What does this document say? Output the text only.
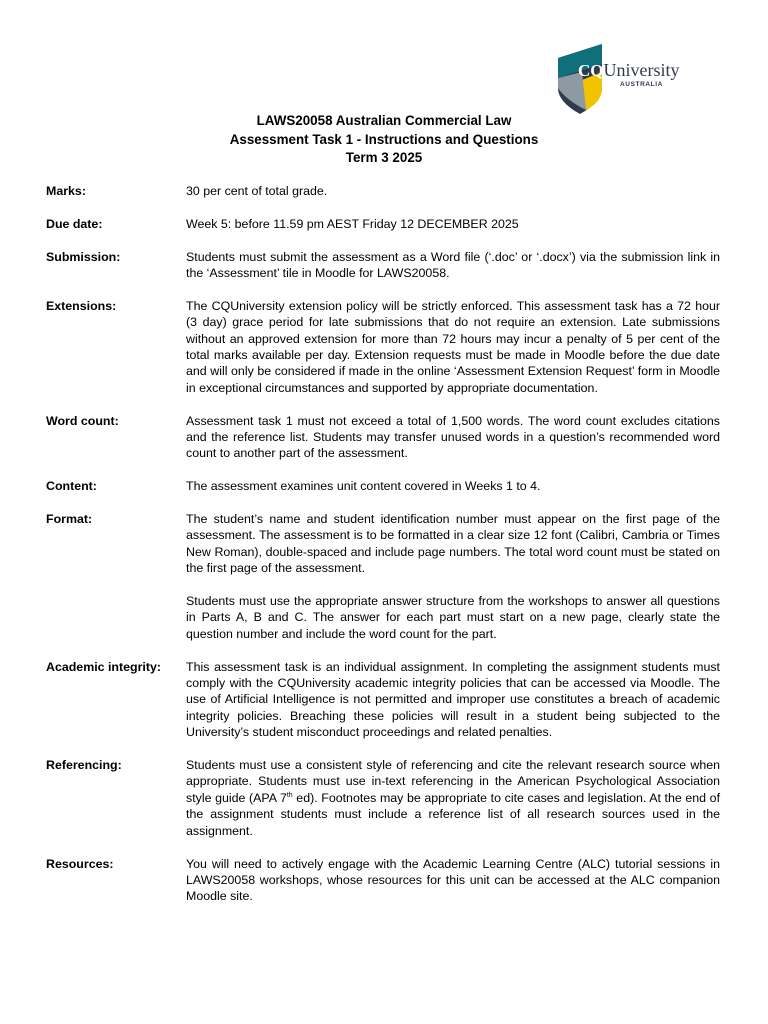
CQUniversity
AUSTRALIA
LAWS20058 Australian Commercial Law
Assessment Task 1 - Instructions and Questions
Term 3 2025
Marks:	30 per cent of total grade.
Due date:	Week 5: before 11.59 pm AEST Friday 12 DECEMBER 2025
Submission:	Students must submit the assessment as a Word file (‘.doc’ or ‘.docx’) via the submission link in the ‘Assessment’ tile in Moodle for LAWS20058.
Extensions:	The CQUniversity extension policy will be strictly enforced. This assessment task has a 72 hour (3 day) grace period for late submissions that do not require an extension. Late submissions without an approved extension for more than 72 hours may incur a penalty of 5 per cent of the total marks available per day. Extension requests must be made in Moodle before the due date and will only be considered if made in the online ‘Assessment Extension Request’ form in Moodle in exceptional circumstances and supported by appropriate documentation.
Word count:	Assessment task 1 must not exceed a total of 1,500 words. The word count excludes citations and the reference list. Students may transfer unused words in a question’s recommended word count to another part of the assessment.
Content:	The assessment examines unit content covered in Weeks 1 to 4.
Format:	The student’s name and student identification number must appear on the first page of the assessment. The assessment is to be formatted in a clear size 12 font (Calibri, Cambria or Times New Roman), double-spaced and include page numbers. The total word count must be stated on the first page of the assessment.

Students must use the appropriate answer structure from the workshops to answer all questions in Parts A, B and C. The answer for each part must start on a new page, clearly state the question number and include the word count for the part.

Academic integrity:	This assessment task is an individual assignment. In completing the assignment students must comply with the CQUniversity academic integrity policies that can be accessed via Moodle. The use of Artificial Intelligence is not permitted and improper use constitutes a breach of academic integrity policies. Breaching these policies will result in a student being subjected to the University’s student misconduct proceedings and related penalties.
Referencing:	Students must use a consistent style of referencing and cite the relevant research source when appropriate. Students must use in-text referencing in the American Psychological Association style guide (APA 7th ed). Footnotes may be appropriate to cite cases and legislation. At the end of the assignment students must include a reference list of all research sources used in the assignment.
Resources:	You will need to actively engage with the Academic Learning Centre (ALC) tutorial sessions in LAWS20058 workshops, whose resources for this unit can be accessed at the ALC companion Moodle site.
